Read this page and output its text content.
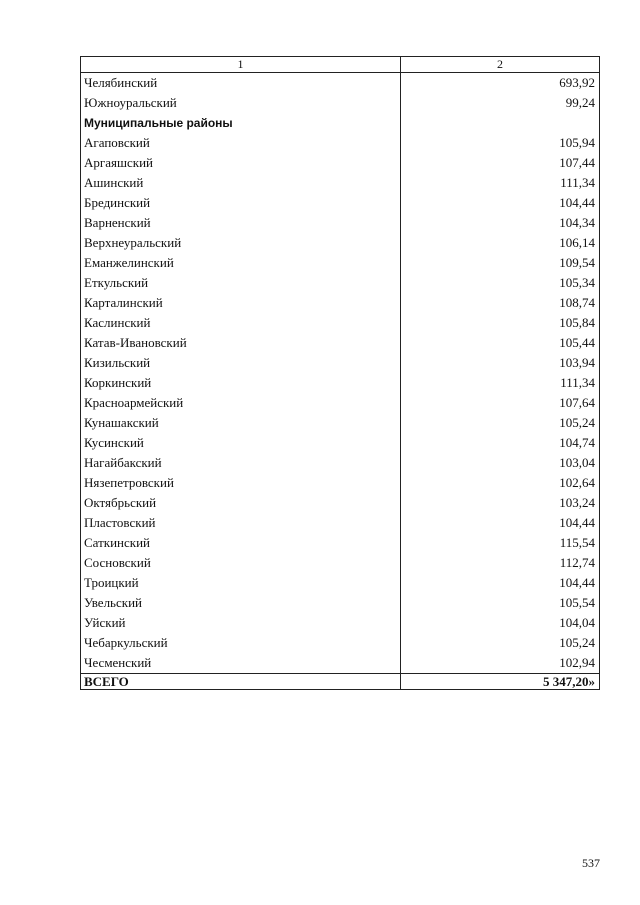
1	2
Челябинский	693,92
Южноуральский	99,24
Муниципальные районы	
Агаповский	105,94
Аргаяшский	107,44
Ашинский	111,34
Брединский	104,44
Варненский	104,34
Верхнеуральский	106,14
Еманжелинский	109,54
Еткульский	105,34
Карталинский	108,74
Каслинский	105,84
Катав-Ивановский	105,44
Кизильский	103,94
Коркинский	111,34
Красноармейский	107,64
Кунашакский	105,24
Кусинский	104,74
Нагайбакский	103,04
Нязепетровский	102,64
Октябрьский	103,24
Пластовский	104,44
Саткинский	115,54
Сосновский	112,74
Троицкий	104,44
Увельский	105,54
Уйский	104,04
Чебаркульский	105,24
Чесменский	102,94
ВСЕГО	5 347,20»
537
